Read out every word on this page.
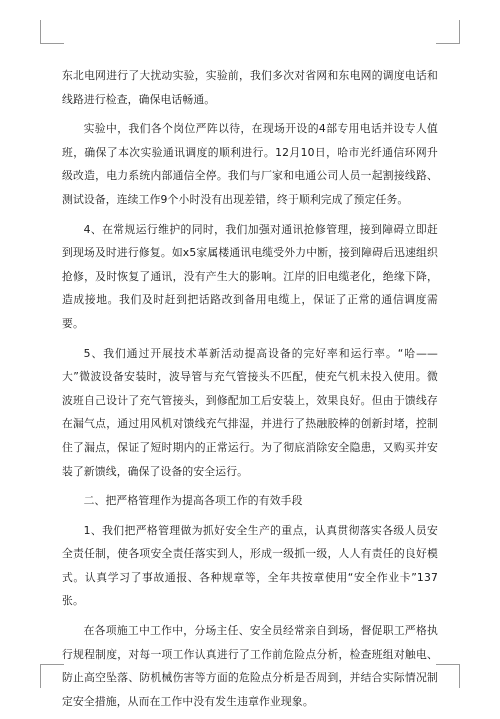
东北电网进行了大扰动实验，实验前，我们多次对省网和东电网的调度电话和线路进行检查，确保电话畅通。

实验中，我们各个岗位严阵以待，在现场开设的4部专用电话并设专人值班，确保了本次实验通讯调度的顺利进行。12月10日，哈市光纤通信环网升级改造，电力系统内部通信全停。我们与厂家和电通公司人员一起割接线路、测试设备，连续工作9个小时没有出现差错，终于顺利完成了预定任务。

4、在常规运行维护的同时，我们加强对通讯抢修管理，接到障碍立即赶到现场及时进行修复。如x5家属楼通讯电缆受外力中断，接到障碍后迅速组织抢修，及时恢复了通讯，没有产生大的影响。江岸的旧电缆老化，绝缘下降，造成接地。我们及时赶到把话路改到备用电缆上，保证了正常的通信调度需要。

5、我们通过开展技术革新活动提高设备的完好率和运行率。“哈——大”微波设备安装时，波导管与充气管接头不匹配，使充气机未投入使用。微波班自己设计了充气管接头，到修配加工后安装上，效果良好。但由于馈线存在漏气点，通过用风机对馈线充气排湿，并进行了热融胶棒的创新封堵，控制住了漏点，保证了短时期内的正常运行。为了彻底消除安全隐患，又购买并安装了新馈线，确保了设备的安全运行。

二、把严格管理作为提高各项工作的有效手段

1、我们把严格管理做为抓好安全生产的重点，认真贯彻落实各级人员安全责任制，使各项安全责任落实到人，形成一级抓一级，人人有责任的良好模式。认真学习了事故通报、各种规章等，全年共按章使用“安全作业卡”137张。

在各项施工中工作中，分场主任、安全员经常亲自到场，督促职工严格执行规程制度，对每一项工作认真进行了工作前危险点分析，检查班组对触电、防止高空坠落、防机械伤害等方面的危险点分析是否周到，并结合实际情况制定安全措施，从而在工作中没有发生违章作业现象。
